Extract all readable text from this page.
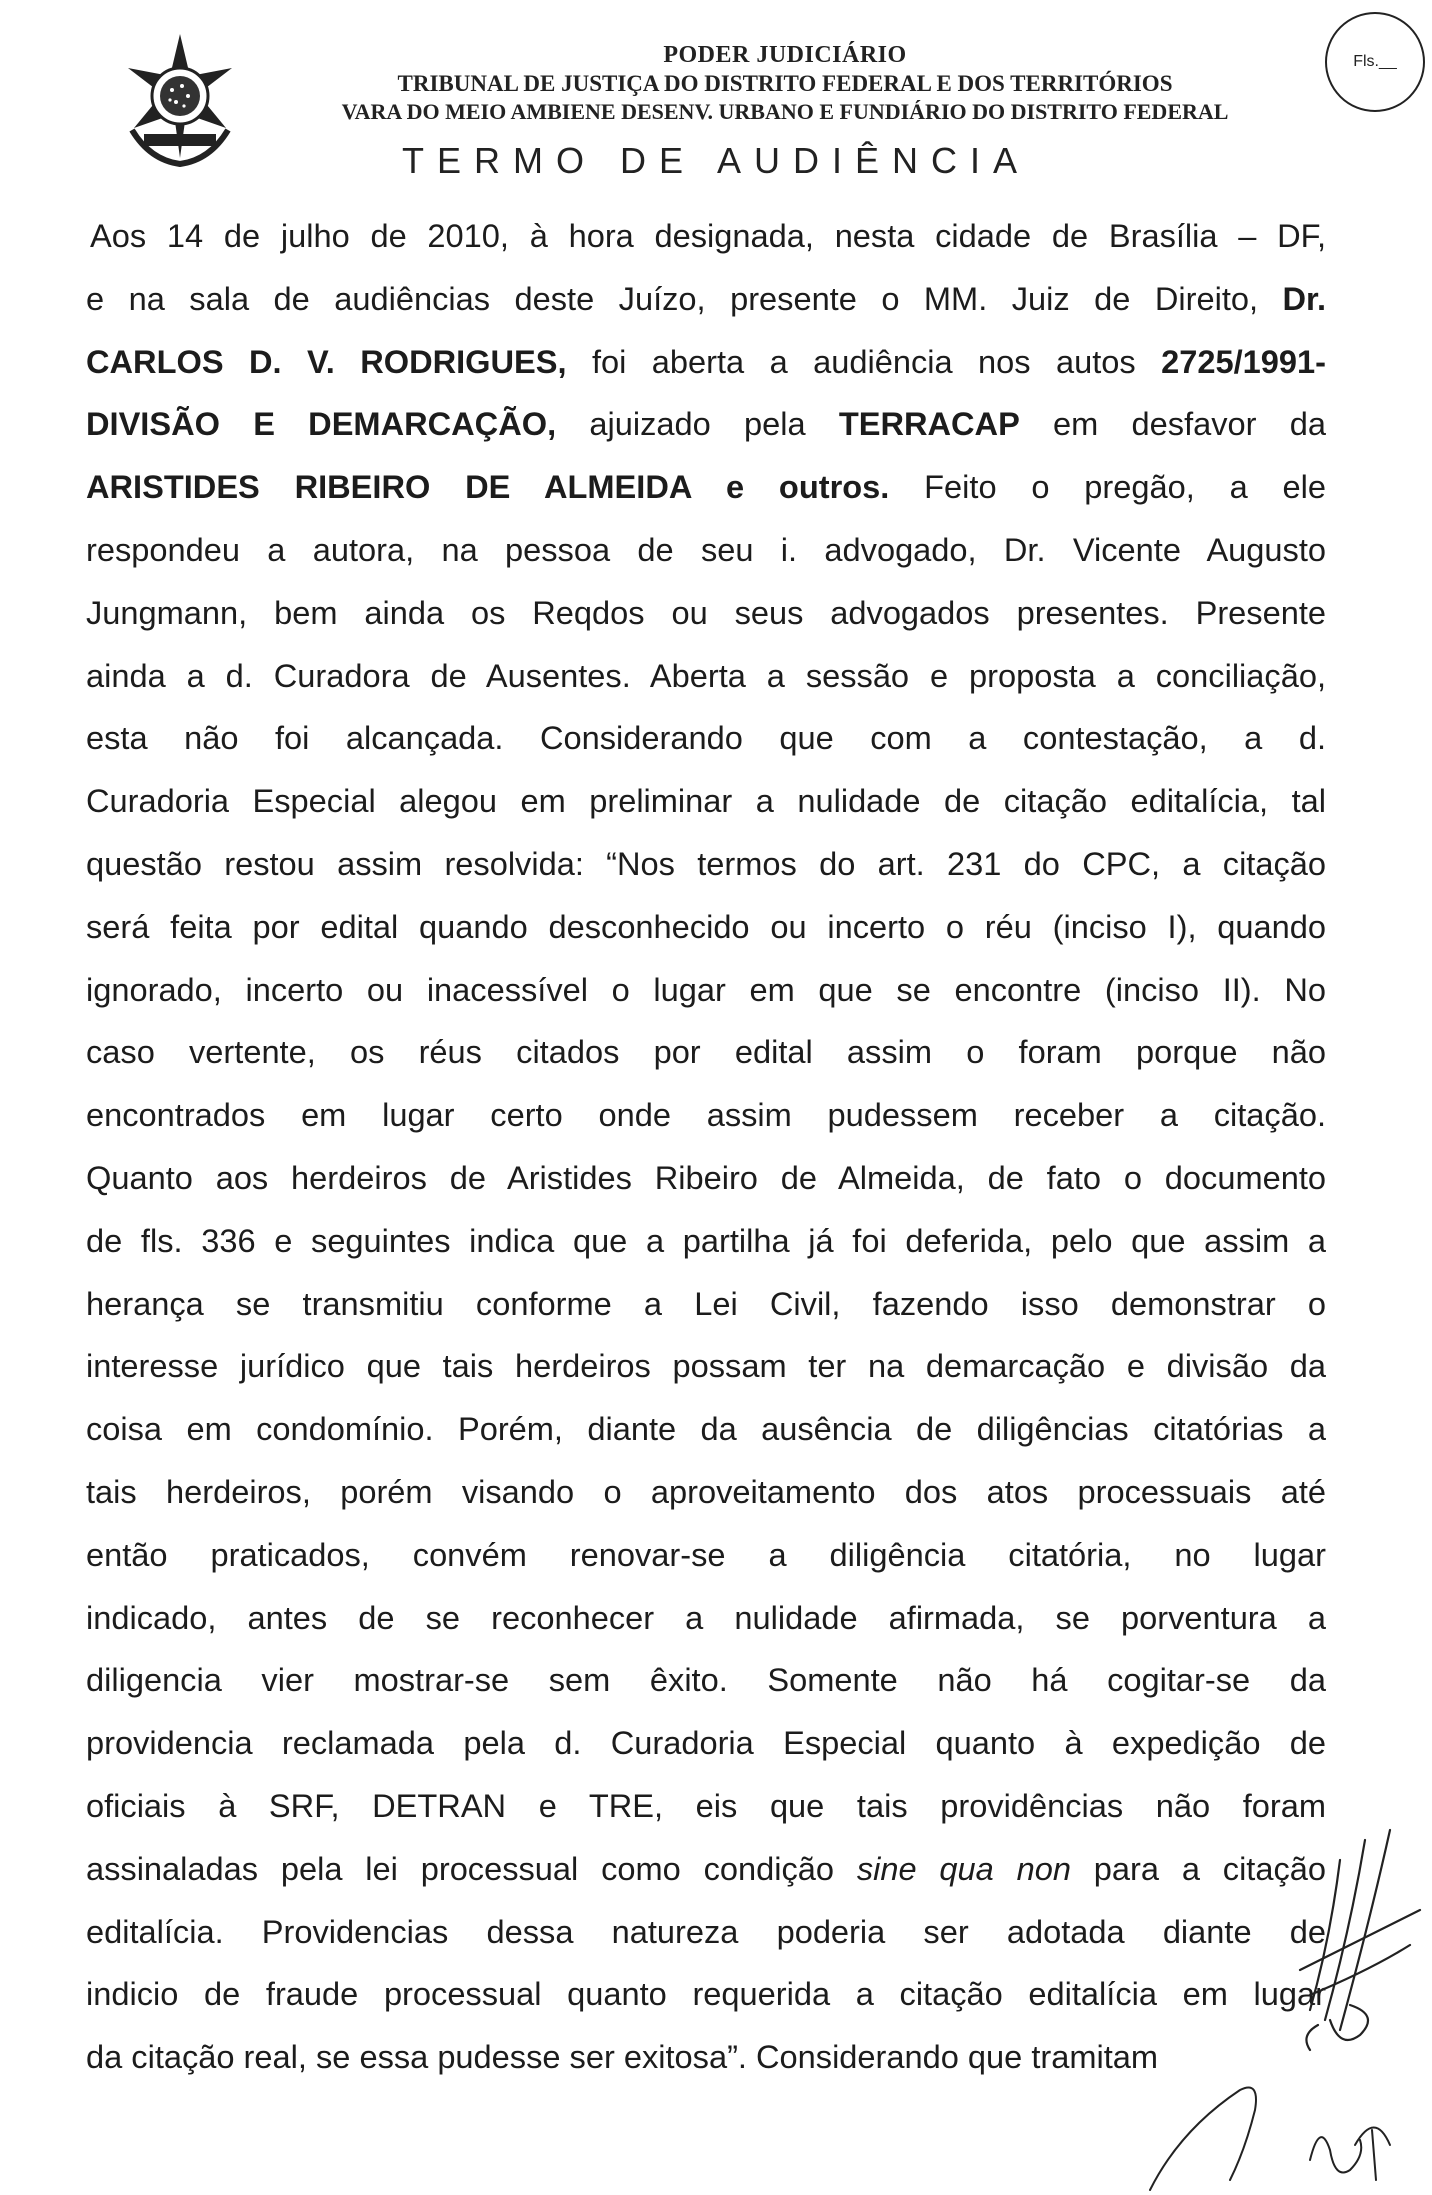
PODER JUDICIÁRIO
TRIBUNAL DE JUSTIÇA DO DISTRITO FEDERAL E DOS TERRITÓRIOS
VARA DO MEIO AMBIENE DESENV. URBANO E FUNDIÁRIO DO DISTRITO FEDERAL
Fls.__
TERMO DE AUDIÊNCIA
Aos 14 de julho de 2010, à hora designada, nesta cidade de Brasília – DF,
e na sala de audiências deste Juízo, presente o MM. Juiz de Direito, Dr.
CARLOS D. V. RODRIGUES, foi aberta a audiência nos autos 2725/1991-
DIVISÃO E DEMARCAÇÃO, ajuizado pela TERRACAP em desfavor da
ARISTIDES RIBEIRO DE ALMEIDA e outros. Feito o pregão, a ele
respondeu a autora, na pessoa de seu i. advogado, Dr. Vicente Augusto
Jungmann, bem ainda os Reqdos ou seus advogados presentes. Presente
ainda a d. Curadora de Ausentes. Aberta a sessão e proposta a conciliação,
esta não foi alcançada. Considerando que com a contestação, a d.
Curadoria Especial alegou em preliminar a nulidade de citação editalícia, tal
questão restou assim resolvida: “Nos termos do art. 231 do CPC, a citação
será feita por edital quando desconhecido ou incerto o réu (inciso I), quando
ignorado, incerto ou inacessível o lugar em que se encontre (inciso II). No
caso vertente, os réus citados por edital assim o foram porque não
encontrados em lugar certo onde assim pudessem receber a citação.
Quanto aos herdeiros de Aristides Ribeiro de Almeida, de fato o documento
de fls. 336 e seguintes indica que a partilha já foi deferida, pelo que assim a
herança se transmitiu conforme a Lei Civil, fazendo isso demonstrar o
interesse jurídico que tais herdeiros possam ter na demarcação e divisão da
coisa em condomínio. Porém, diante da ausência de diligências citatórias a
tais herdeiros, porém visando o aproveitamento dos atos processuais até
então praticados, convém renovar-se a diligência citatória, no lugar
indicado, antes de se reconhecer a nulidade afirmada, se porventura a
diligencia vier mostrar-se sem êxito. Somente não há cogitar-se da
providencia reclamada pela d. Curadoria Especial quanto à expedição de
oficiais à SRF, DETRAN e TRE, eis que tais providências não foram
assinaladas pela lei processual como condição sine qua non para a citação
editalícia. Providencias dessa natureza poderia ser adotada diante de
indicio de fraude processual quanto requerida a citação editalícia em lugar
da citação real, se essa pudesse ser exitosa”. Considerando que tramitam
